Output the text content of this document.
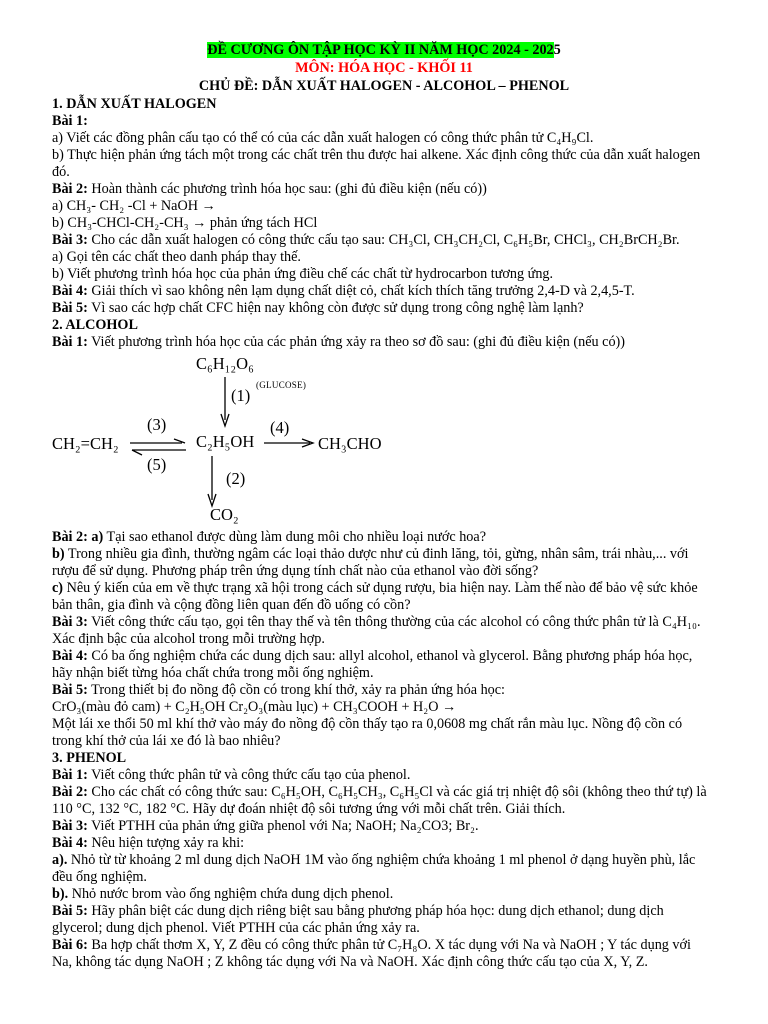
ĐỀ CƯƠNG ÔN TẬP HỌC KỲ II NĂM HỌC 2024 - 2025
MÔN: HÓA HỌC - KHỐI 11
CHỦ ĐỀ: DẪN XUẤT HALOGEN - ALCOHOL – PHENOL
1. DẪN XUẤT HALOGEN
Bài 1:
a) Viết các đồng phân cấu tạo có thể có của các dẫn xuất halogen có công thức phân tử C₄H₉Cl.
b) Thực hiện phản ứng tách một trong các chất trên thu được hai alkene. Xác định công thức của dẫn xuất halogen
đó.
Bài 2: Hoàn thành các phương trình hóa học sau: (ghi đủ điều kiện (nếu có))
a) CH₃- CH₂ -Cl + NaOH →
b) CH₃-CHCl-CH₂-CH₃ → phản ứng tách HCl
Bài 3: Cho các dẫn xuất halogen có công thức cấu tạo sau: CH₃Cl, CH₃CH₂Cl, C₆H₅Br, CHCl₃, CH₂BrCH₂Br.
a) Gọi tên các chất theo danh pháp thay thế.
b) Viết phương trình hóa học của phản ứng điều chế các chất từ hydrocarbon tương ứng.
Bài 4: Giải thích vì sao không nên lạm dụng chất diệt cỏ, chất kích thích tăng trưởng 2,4-D và 2,4,5-T.
Bài 5: Vì sao các hợp chất CFC hiện nay không còn được sử dụng trong công nghệ làm lạnh?
2. ALCOHOL
Bài 1: Viết phương trình hóa học của các phản ứng xảy ra theo sơ đồ sau: (ghi đủ điều kiện (nếu có))
C₆H₁₂O₆
(GLUCOSE)
(1)
(3)	(4)
CH₂=CH₂	C₂H₅OH	CH₃CHO
(5)
(2)
CO₂
Bài 2: a) Tại sao ethanol được dùng làm dung môi cho nhiều loại nước hoa?
b) Trong nhiều gia đình, thường ngâm các loại thảo dược như củ đinh lăng, tỏi, gừng, nhân sâm, trái nhàu,... với
rượu để sử dụng. Phương pháp trên ứng dụng tính chất nào của ethanol vào đời sống?
c) Nêu ý kiến của em về thực trạng xã hội trong cách sử dụng rượu, bia hiện nay. Làm thế nào để bảo vệ sức khỏe
bản thân, gia đình và cộng đồng liên quan đến đồ uống có cồn?
Bài 3: Viết công thức cấu tạo, gọi tên thay thế và tên thông thường của các alcohol có công thức phân tử là C₄H₁₀.
Xác định bậc của alcohol trong mỗi trường hợp.
Bài 4: Có ba ống nghiệm chứa các dung dịch sau: allyl alcohol, ethanol và glycerol. Bằng phương pháp hóa học,
hãy nhận biết từng hóa chất chứa trong mỗi ống nghiệm.
Bài 5: Trong thiết bị đo nồng độ cồn có trong khí thở, xảy ra phản ứng hóa học:
CrO₃(màu đỏ cam) + C₂H₅OH Cr₂O₃(màu lục) + CH₃COOH + H₂O →
Một lái xe thổi 50 ml khí thở vào máy đo nồng độ cồn thấy tạo ra 0,0608 mg chất rắn màu lục. Nồng độ cồn có
trong khí thở của lái xe đó là bao nhiêu?
3. PHENOL
Bài 1: Viết công thức phân tử và công thức cấu tạo của phenol.
Bài 2: Cho các chất có công thức sau: C₆H₅OH, C₆H₅CH₃, C₆H₅Cl và các giá trị nhiệt độ sôi (không theo thứ tự) là
110 °C, 132 °C, 182 °C. Hãy dự đoán nhiệt độ sôi tương ứng với mỗi chất trên. Giải thích.
Bài 3: Viết PTHH của phản ứng giữa phenol với Na; NaOH; Na₂CO3; Br₂.
Bài 4: Nêu hiện tượng xảy ra khi:
a). Nhỏ từ từ khoảng 2 ml dung dịch NaOH 1M vào ống nghiệm chứa khoảng 1 ml phenol ở dạng huyền phù, lắc
đều ống nghiệm.
b). Nhỏ nước brom vào ống nghiệm chứa dung dịch phenol.
Bài 5: Hãy phân biệt các dung dịch riêng biệt sau bằng phương pháp hóa học: dung dịch ethanol; dung dịch
glycerol; dung dịch phenol. Viết PTHH của các phản ứng xảy ra.
Bài 6: Ba hợp chất thơm X, Y, Z đều có công thức phân tử C₇H₈O. X tác dụng với Na và NaOH ; Y tác dụng với
Na, không tác dụng NaOH ; Z không tác dụng với Na và NaOH. Xác định công thức cấu tạo của X, Y, Z.
